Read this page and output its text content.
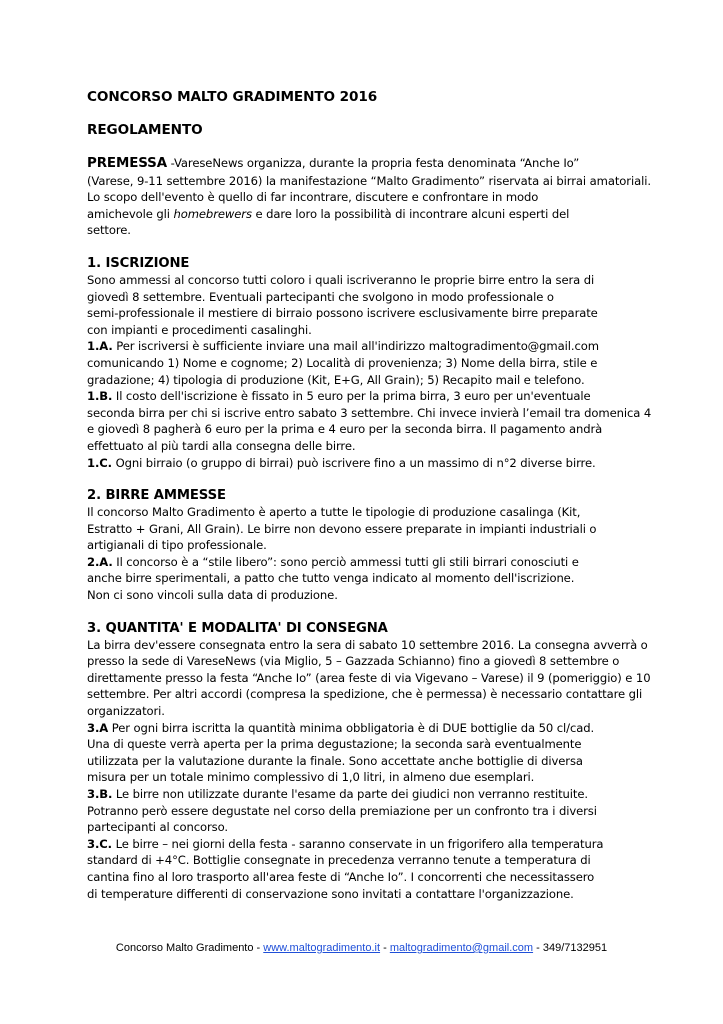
CONCORSO MALTO GRADIMENTO 2016
REGOLAMENTO

PREMESSA -VareseNews organizza, durante la propria festa denominata “Anche Io”
(Varese, 9-11 settembre 2016) la manifestazione “Malto Gradimento” riservata ai birrai amatoriali.
Lo scopo dell'evento è quello di far incontrare, discutere e confrontare in modo
amichevole gli homebrewers e dare loro la possibilità di incontrare alcuni esperti del
settore.

1. ISCRIZIONE

Sono ammessi al concorso tutti coloro i quali iscriveranno le proprie birre entro la sera di
giovedì 8 settembre. Eventuali partecipanti che svolgono in modo professionale o
semi-professionale il mestiere di birraio possono iscrivere esclusivamente birre preparate
con impianti e procedimenti casalinghi.

1.A. Per iscriversi è sufficiente inviare una mail all'indirizzo maltogradimento@gmail.com
comunicando 1) Nome e cognome; 2) Località di provenienza; 3) Nome della birra, stile e
gradazione; 4) tipologia di produzione (Kit, E+G, All Grain); 5) Recapito mail e telefono.

1.B. Il costo dell'iscrizione è fissato in 5 euro per la prima birra, 3 euro per un'eventuale
seconda birra per chi si iscrive entro sabato 3 settembre. Chi invece invierà l’email tra domenica 4
e giovedì 8 pagherà 6 euro per la prima e 4 euro per la seconda birra. Il pagamento andrà
effettuato al più tardi alla consegna delle birre.

1.C. Ogni birraio (o gruppo di birrai) può iscrivere fino a un massimo di n°2 diverse birre.

2. BIRRE AMMESSE

Il concorso Malto Gradimento è aperto a tutte le tipologie di produzione casalinga (Kit,
Estratto + Grani, All Grain). Le birre non devono essere preparate in impianti industriali o
artigianali di tipo professionale.

2.A. Il concorso è a “stile libero”: sono perciò ammessi tutti gli stili birrari conosciuti e
anche birre sperimentali, a patto che tutto venga indicato al momento dell'iscrizione.
Non ci sono vincoli sulla data di produzione.

3. QUANTITA' E MODALITA' DI CONSEGNA

La birra dev'essere consegnata entro la sera di sabato 10 settembre 2016. La consegna avverrà o
presso la sede di VareseNews (via Miglio, 5 – Gazzada Schianno) fino a giovedì 8 settembre o
direttamente presso la festa “Anche Io” (area feste di via Vigevano – Varese) il 9 (pomeriggio) e 10
settembre. Per altri accordi (compresa la spedizione, che è permessa) è necessario contattare gli
organizzatori.

3.A Per ogni birra iscritta la quantità minima obbligatoria è di DUE bottiglie da 50 cl/cad.
Una di queste verrà aperta per la prima degustazione; la seconda sarà eventualmente
utilizzata per la valutazione durante la finale. Sono accettate anche bottiglie di diversa
misura per un totale minimo complessivo di 1,0 litri, in almeno due esemplari.

3.B. Le birre non utilizzate durante l'esame da parte dei giudici non verranno restituite.
Potranno però essere degustate nel corso della premiazione per un confronto tra i diversi
partecipanti al concorso.

3.C. Le birre – nei giorni della festa - saranno conservate in un frigorifero alla temperatura
standard di +4°C. Bottiglie consegnate in precedenza verranno tenute a temperatura di
cantina fino al loro trasporto all'area feste di “Anche Io”. I concorrenti che necessitassero
di temperature differenti di conservazione sono invitati a contattare l'organizzazione.

Concorso Malto Gradimento - www.maltogradimento.it - maltogradimento@gmail.com - 349/7132951
